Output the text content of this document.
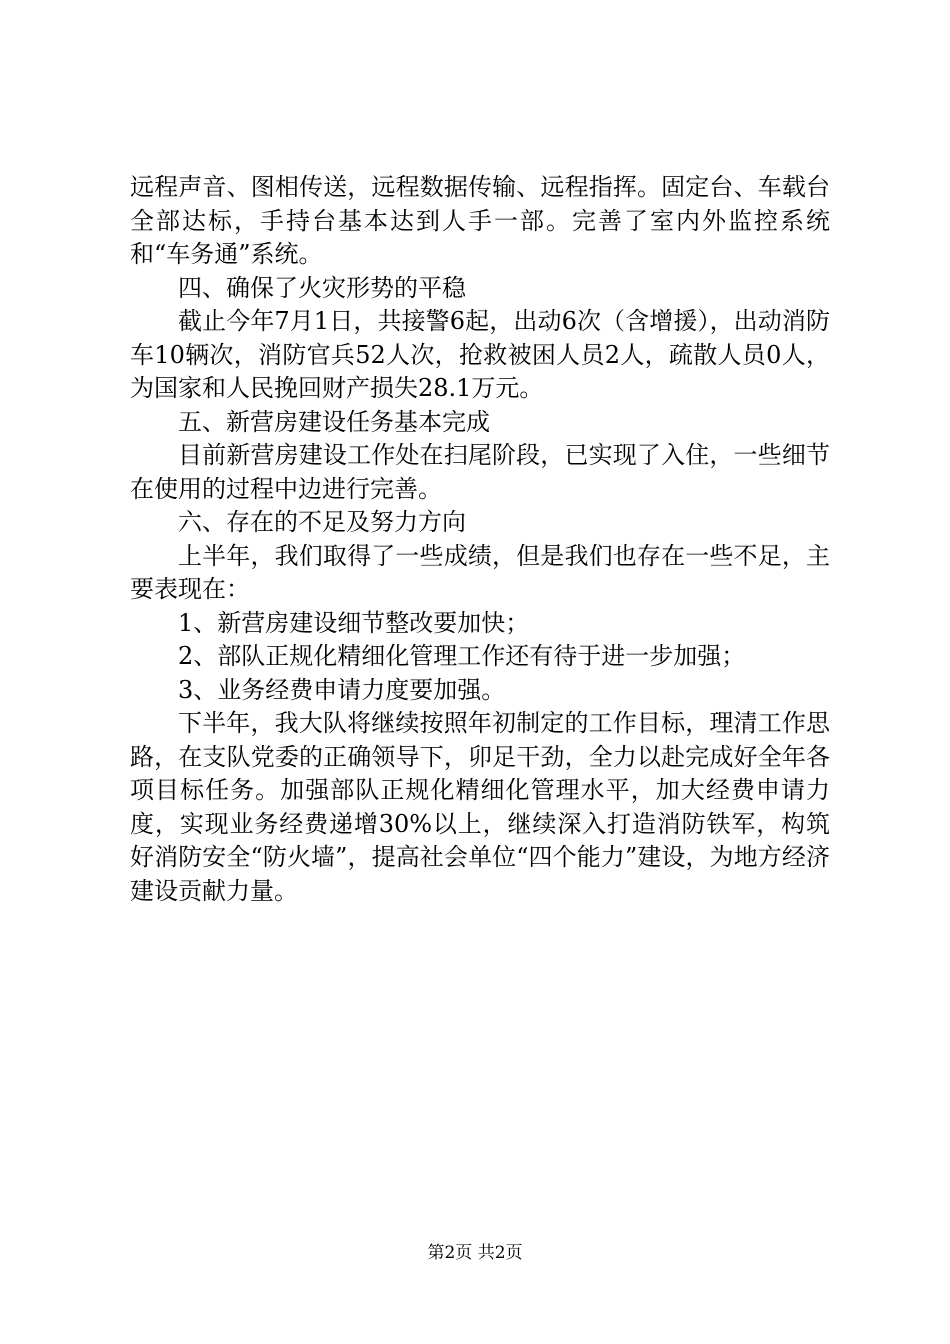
远程声音、图相传送，远程数据传输、远程指挥。固定台、车载台全部达标，手持台基本达到人手一部。完善了室内外监控系统和“车务通”系统。

四、确保了火灾形势的平稳

截止今年7月1日，共接警6起，出动6次（含增援），出动消防车10辆次，消防官兵52人次，抢救被困人员2人，疏散人员0人，为国家和人民挽回财产损失28.1万元。

五、新营房建设任务基本完成

目前新营房建设工作处在扫尾阶段，已实现了入住，一些细节在使用的过程中边进行完善。

六、存在的不足及努力方向

上半年，我们取得了一些成绩，但是我们也存在一些不足，主要表现在：

1、新营房建设细节整改要加快；

2、部队正规化精细化管理工作还有待于进一步加强；

3、业务经费申请力度要加强。

下半年，我大队将继续按照年初制定的工作目标，理清工作思路，在支队党委的正确领导下，卯足干劲，全力以赴完成好全年各项目标任务。加强部队正规化精细化管理水平，加大经费申请力度，实现业务经费递增30%以上，继续深入打造消防铁军，构筑好消防安全“防火墙”，提高社会单位“四个能力”建设，为地方经济建设贡献力量。

第2页 共2页
